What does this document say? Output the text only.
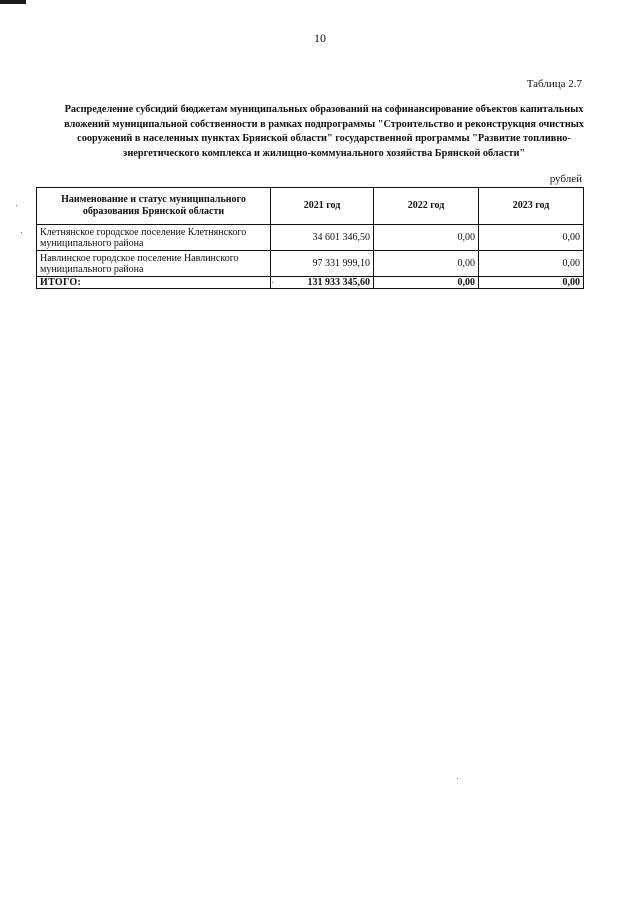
10
Таблица 2.7
Распределение субсидий бюджетам муниципальных образований на софинансирование объектов капитальных вложений муниципальной собственности в рамках подпрограммы "Строительство и реконструкция очистных сооружений в населенных пунктах Брянской области" государственной программы "Развитие топливно-энергетического комплекса и жилищно-коммунального хозяйства Брянской области"
рублей
Наименование и статус муниципального образования Брянской области	2021 год	2022 год	2023 год
Клетнянское городское поселение Клетнянского муниципального района	34 601 346,50	0,00	0,00
Навлинское городское поселение Навлинского муниципального района	97 331 999,10	0,00	0,00
ИТОГО:	131 933 345,60	0,00	0,00
